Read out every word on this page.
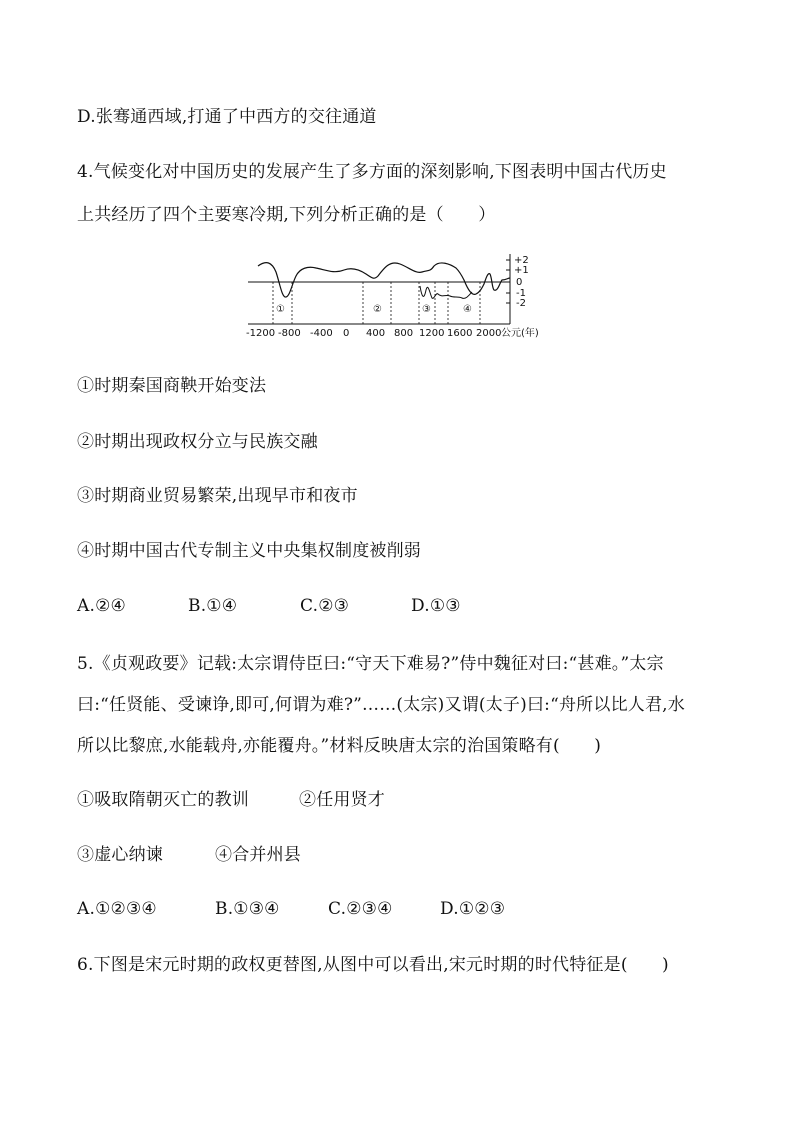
D.张骞通西域,打通了中西方的交往通道
4.气候变化对中国历史的发展产生了多方面的深刻影响,下图表明中国古代历史
上共经历了四个主要寒冷期,下列分析正确的是（　　）
①	②	③	④
+2
+1
0
-1
-2
-1200 -800 -400 0 400 800 1200 1600 2000 公元(年)
①时期秦国商鞅开始变法
②时期出现政权分立与民族交融
③时期商业贸易繁荣,出现早市和夜市
④时期中国古代专制主义中央集权制度被削弱
A.②④	B.①④	C.②③	D.①③
5.《贞观政要》记载:太宗谓侍臣曰:“守天下难易?”侍中魏征对曰:“甚难。”太宗
曰:“任贤能、受谏诤,即可,何谓为难?”……(太宗)又谓(太子)曰:“舟所以比人君,水
所以比黎庶,水能载舟,亦能覆舟。”材料反映唐太宗的治国策略有(　　)
①吸取隋朝灭亡的教训	②任用贤才
③虚心纳谏	④合并州县
A.①②③④	B.①③④	C.②③④	D.①②③
6.下图是宋元时期的政权更替图,从图中可以看出,宋元时期的时代特征是(　　)
